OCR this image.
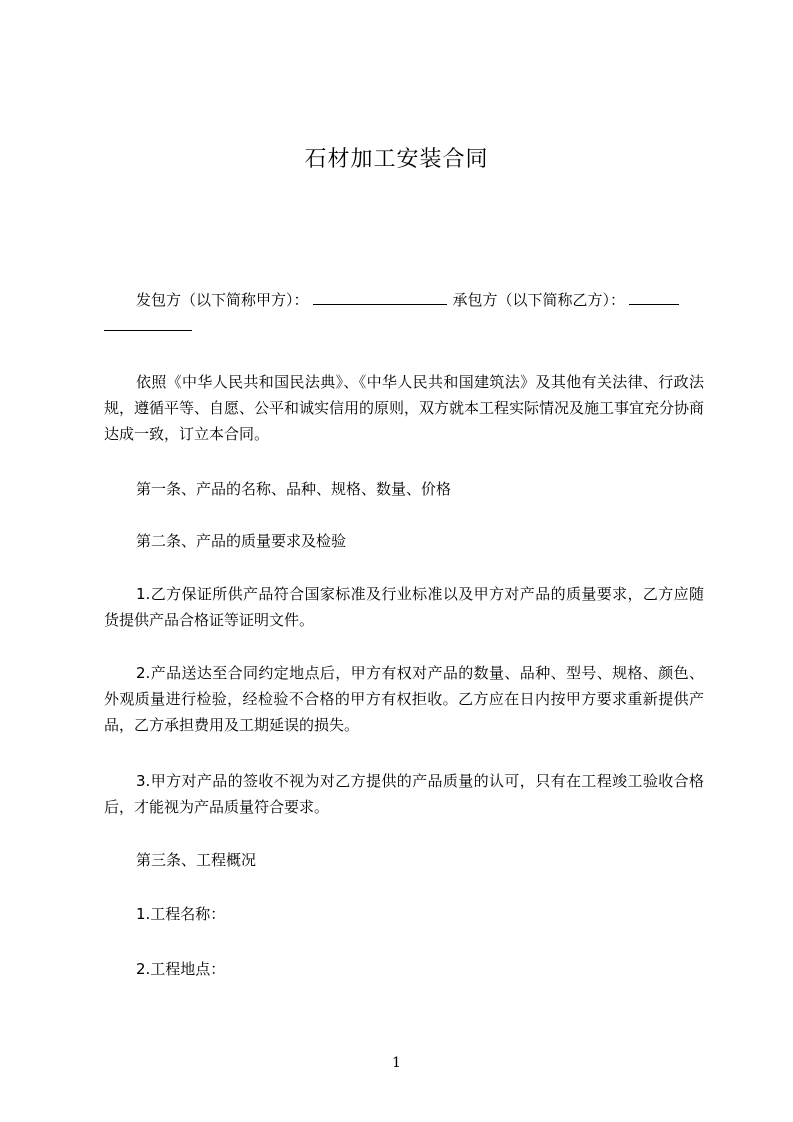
石材加工安装合同
发包方（以下简称甲方）：	承包方（以下简称乙方）：
依照《中华人民共和国民法典》、《中华人民共和国建筑法》及其他有关法律、行政法规，遵循平等、自愿、公平和诚实信用的原则，双方就本工程实际情况及施工事宜充分协商达成一致，订立本合同。
第一条、产品的名称、品种、规格、数量、价格
第二条、产品的质量要求及检验
1.乙方保证所供产品符合国家标准及行业标准以及甲方对产品的质量要求，乙方应随货提供产品合格证等证明文件。
2.产品送达至合同约定地点后，甲方有权对产品的数量、品种、型号、规格、颜色、外观质量进行检验，经检验不合格的甲方有权拒收。乙方应在日内按甲方要求重新提供产品，乙方承担费用及工期延误的损失。
3.甲方对产品的签收不视为对乙方提供的产品质量的认可，只有在工程竣工验收合格后，才能视为产品质量符合要求。
第三条、工程概况
1.工程名称：
2.工程地点：
1
